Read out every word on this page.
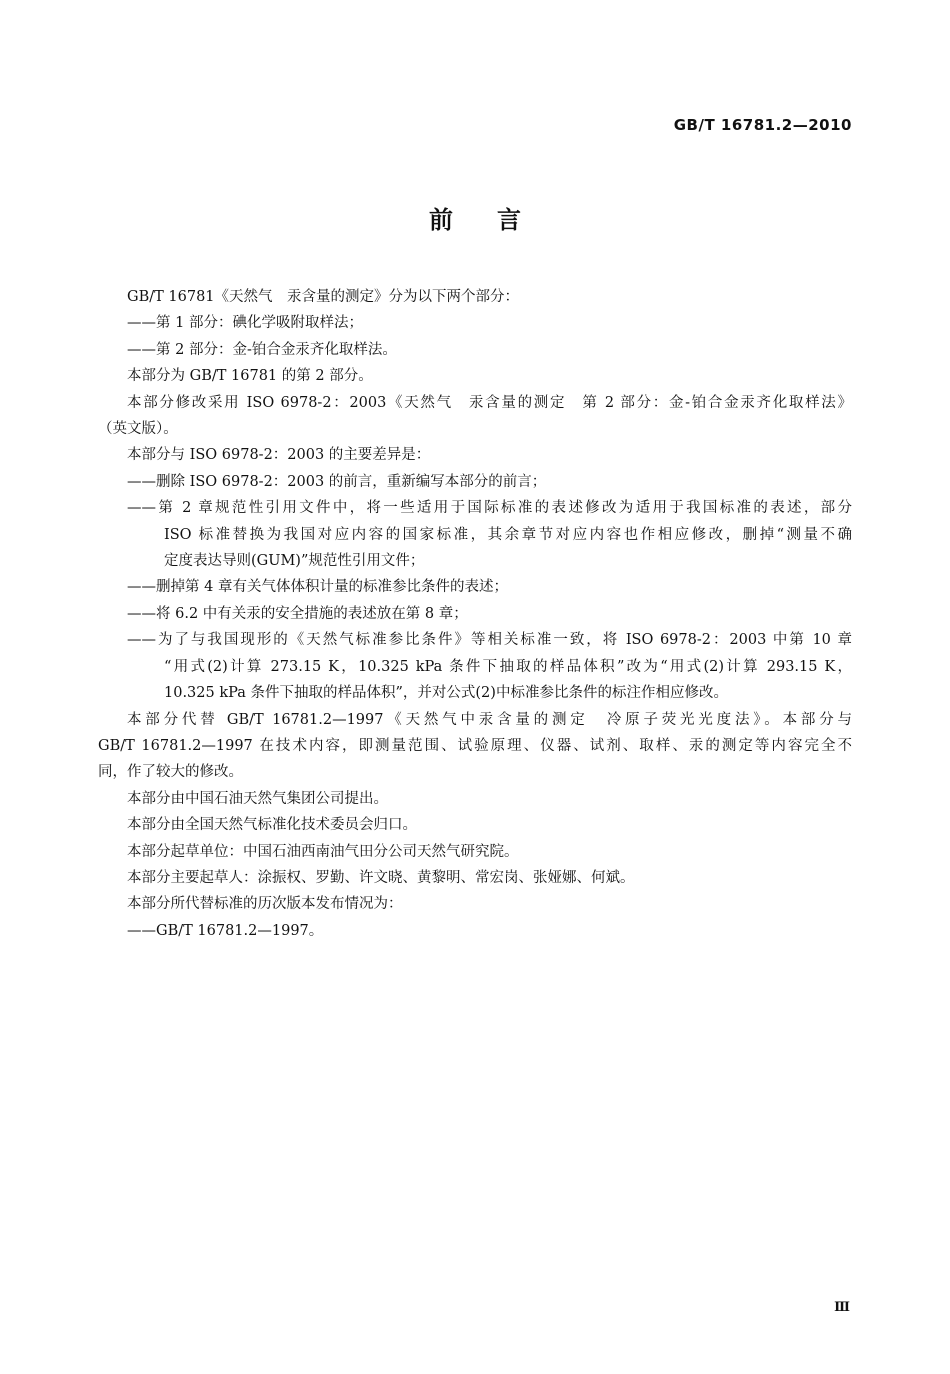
GB/T 16781.2—2010
前 言
GB/T 16781《天然气　汞含量的测定》分为以下两个部分：
——第 1 部分：碘化学吸附取样法；
——第 2 部分：金-铂合金汞齐化取样法。
本部分为 GB/T 16781 的第 2 部分。
本部分修改采用 ISO 6978-2：2003《天然气　汞含量的测定　第 2 部分：金-铂合金汞齐化取样法》
（英文版）。
本部分与 ISO 6978-2：2003 的主要差异是：
——删除 ISO 6978-2：2003 的前言，重新编写本部分的前言；
——第 2 章规范性引用文件中，将一些适用于国际标准的表述修改为适用于我国标准的表述，部分
ISO 标准替换为我国对应内容的国家标准，其余章节对应内容也作相应修改，删掉“测量不确
定度表达导则(GUM)”规范性引用文件；
——删掉第 4 章有关气体体积计量的标准参比条件的表述；
——将 6.2 中有关汞的安全措施的表述放在第 8 章；
——为了与我国现形的《天然气标准参比条件》等相关标准一致，将 ISO 6978-2：2003 中第 10 章
“用式(2)计算 273.15 K，10.325 kPa 条件下抽取的样品体积”改为“用式(2)计算 293.15 K，
10.325 kPa 条件下抽取的样品体积”，并对公式(2)中标准参比条件的标注作相应修改。
本部分代替 GB/T 16781.2—1997《天然气中汞含量的测定　冷原子荧光光度法》。本部分与
GB/T 16781.2—1997 在技术内容，即测量范围、试验原理、仪器、试剂、取样、汞的测定等内容完全不
同，作了较大的修改。
本部分由中国石油天然气集团公司提出。
本部分由全国天然气标准化技术委员会归口。
本部分起草单位：中国石油西南油气田分公司天然气研究院。
本部分主要起草人：涂振权、罗勤、许文晓、黄黎明、常宏岗、张娅娜、何斌。
本部分所代替标准的历次版本发布情况为：
——GB/T 16781.2—1997。
Ⅲ
